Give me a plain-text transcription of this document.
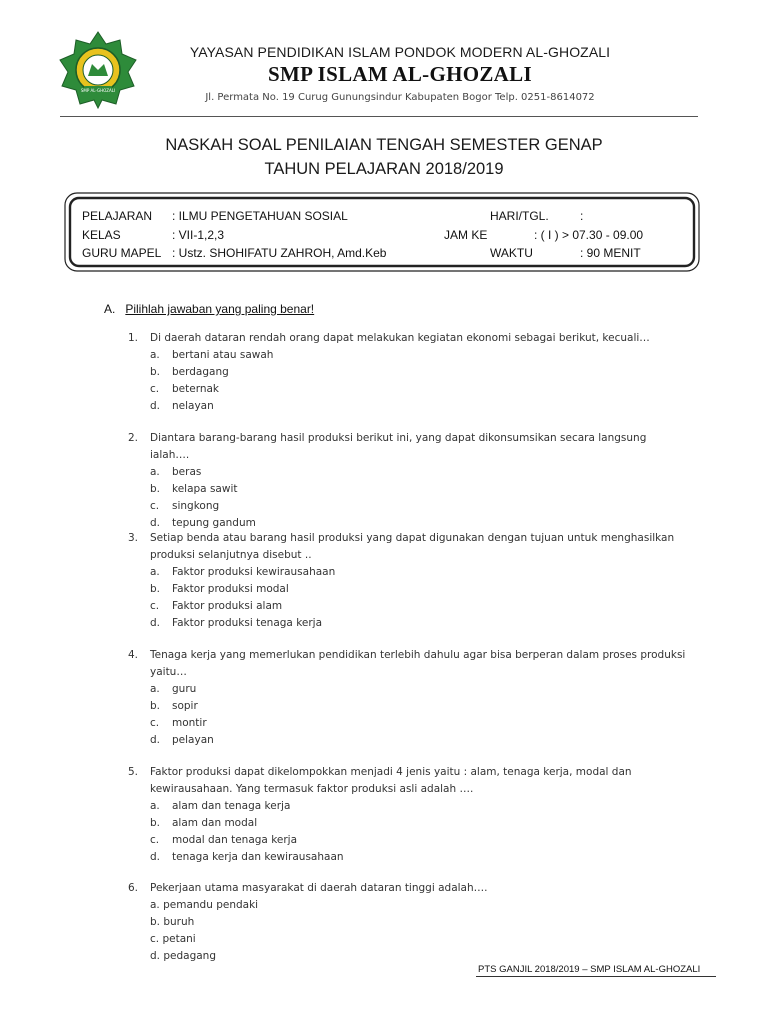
SMP AL-GHOZALI
YAYASAN PENDIDIKAN ISLAM PONDOK MODERN AL-GHOZALI
SMP ISLAM AL-GHOZALI
Jl. Permata No. 19 Curug Gunungsindur Kabupaten Bogor Telp. 0251-8614072
NASKAH SOAL PENILAIAN TENGAH SEMESTER GENAP
TAHUN PELAJARAN 2018/2019
PELAJARAN : ILMU PENGETAHUAN SOSIAL	HARI/TGL.	:
KELAS	: VII-1,2,3	JAM KE	: ( I ) > 07.30 - 09.00
GURU MAPEL : Ustz. SHOHIFATU ZAHROH, Amd.Keb	WAKTU	: 90 MENIT
A. Pilihlah jawaban yang paling benar!
1. Di daerah dataran rendah orang dapat melakukan kegiatan ekonomi sebagai berikut, kecuali…
a. bertani atau sawah
b. berdagang
c. beternak
d. nelayan
2. Diantara barang-barang hasil produksi berikut ini, yang dapat dikonsumsikan secara langsung ialah….
a. beras
b. kelapa sawit
c. singkong
d. tepung gandum
3. Setiap benda atau barang hasil produksi yang dapat digunakan dengan tujuan untuk menghasilkan produksi selanjutnya disebut ..
a. Faktor produksi kewirausahaan
b. Faktor produksi modal
c. Faktor produksi alam
d. Faktor produksi tenaga kerja
4. Tenaga kerja yang memerlukan pendidikan terlebih dahulu agar bisa berperan dalam proses produksi yaitu…
a. guru
b. sopir
c. montir
d. pelayan
5. Faktor produksi dapat dikelompokkan menjadi 4 jenis yaitu : alam, tenaga kerja, modal dan kewirausahaan. Yang termasuk faktor produksi asli adalah ….
a. alam dan tenaga kerja
b. alam dan modal
c. modal dan tenaga kerja
d. tenaga kerja dan kewirausahaan
6. Pekerjaan utama masyarakat di daerah dataran tinggi adalah….
a. pemandu pendaki
b. buruh
c. petani
d. pedagang
PTS GANJIL 2018/2019 – SMP ISLAM AL-GHOZALI
